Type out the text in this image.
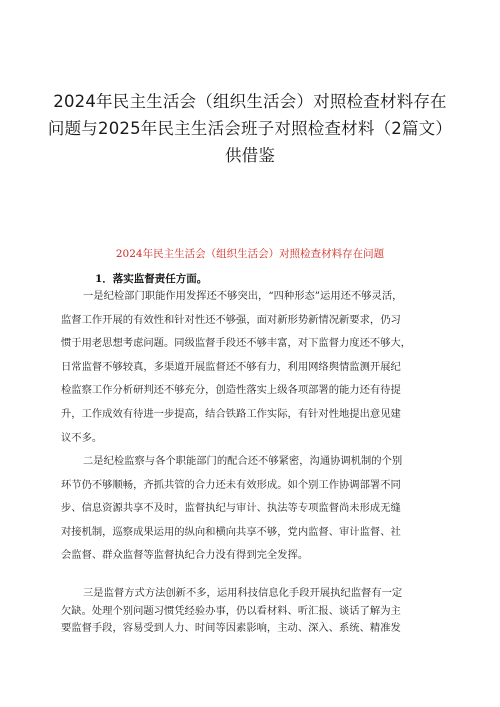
2024年民主生活会（组织生活会）对照检查材料存在
问题与2025年民主生活会班子对照检查材料（2篇文）
供借鉴
2024年民主生活会（组织生活会）对照检查材料存在问题
1．落实监督责任方面。
一是纪检部门职能作用发挥还不够突出，“四种形态”运用还不够灵活，
监督工作开展的有效性和针对性还不够强，面对新形势新情况新要求，仍习
惯于用老思想考虑问题。同级监督手段还不够丰富，对下监督力度还不够大，
日常监督不够较真，多渠道开展监督还不够有力，利用网络舆情监测开展纪
检监察工作分析研判还不够充分，创造性落实上级各项部署的能力还有待提
升，工作成效有待进一步提高，结合铁路工作实际，有针对性地提出意见建
议不多。
二是纪检监察与各个职能部门的配合还不够紧密，沟通协调机制的个别
环节仍不够顺畅，齐抓共管的合力还未有效形成。如个别工作协调部署不同
步、信息资源共享不及时，监督执纪与审计、执法等专项监督尚未形成无缝
对接机制，巡察成果运用的纵向和横向共享不够，党内监督、审计监督、社
会监督、群众监督等监督执纪合力没有得到完全发挥。
三是监督方式方法创新不多，运用科技信息化手段开展执纪监督有一定
欠缺。处理个别问题习惯凭经验办事，仍以看材料、听汇报、谈话了解为主
要监督手段，容易受到人力、时间等因素影响，主动、深入、系统、精准发
